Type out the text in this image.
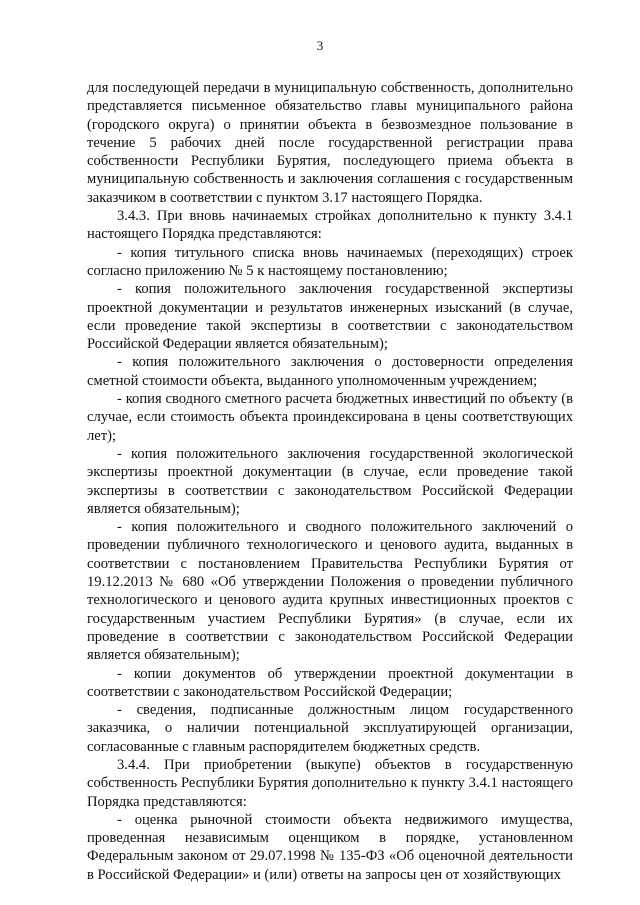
3

для последующей передачи в муниципальную собственность, дополнительно представляется письменное обязательство главы муниципального района (городского округа) о принятии объекта в безвозмездное пользование в течение 5 рабочих дней после государственной регистрации права собственности Республики Бурятия, последующего приема объекта в муниципальную собственность и заключения соглашения с государственным заказчиком в соответствии с пунктом 3.17 настоящего Порядка.

3.4.3. При вновь начинаемых стройках дополнительно к пункту 3.4.1 настоящего Порядка представляются:

- копия титульного списка вновь начинаемых (переходящих) строек согласно приложению № 5 к настоящему постановлению;

- копия положительного заключения государственной экспертизы проектной документации и результатов инженерных изысканий (в случае, если проведение такой экспертизы в соответствии с законодательством Российской Федерации является обязательным);

- копия положительного заключения о достоверности определения сметной стоимости объекта, выданного уполномоченным учреждением;

- копия сводного сметного расчета бюджетных инвестиций по объекту (в случае, если стоимость объекта проиндексирована в цены соответствующих лет);

- копия положительного заключения государственной экологической экспертизы проектной документации (в случае, если проведение такой экспертизы в соответствии с законодательством Российской Федерации является обязательным);

- копия положительного и сводного положительного заключений о проведении публичного технологического и ценового аудита, выданных в соответствии с постановлением Правительства Республики Бурятия от 19.12.2013 № 680 «Об утверждении Положения о проведении публичного технологического и ценового аудита крупных инвестиционных проектов с государственным участием Республики Бурятия» (в случае, если их проведение в соответствии с законодательством Российской Федерации является обязательным);

- копии документов об утверждении проектной документации в соответствии с законодательством Российской Федерации;

- сведения, подписанные должностным лицом государственного заказчика, о наличии потенциальной эксплуатирующей организации, согласованные с главным распорядителем бюджетных средств.

3.4.4. При приобретении (выкупе) объектов в государственную собственность Республики Бурятия дополнительно к пункту 3.4.1 настоящего Порядка представляются:

- оценка рыночной стоимости объекта недвижимого имущества, проведенная независимым оценщиком в порядке, установленном Федеральным законом от 29.07.1998 № 135-ФЗ «Об оценочной деятельности в Российской Федерации» и (или) ответы на запросы цен от хозяйствующих
